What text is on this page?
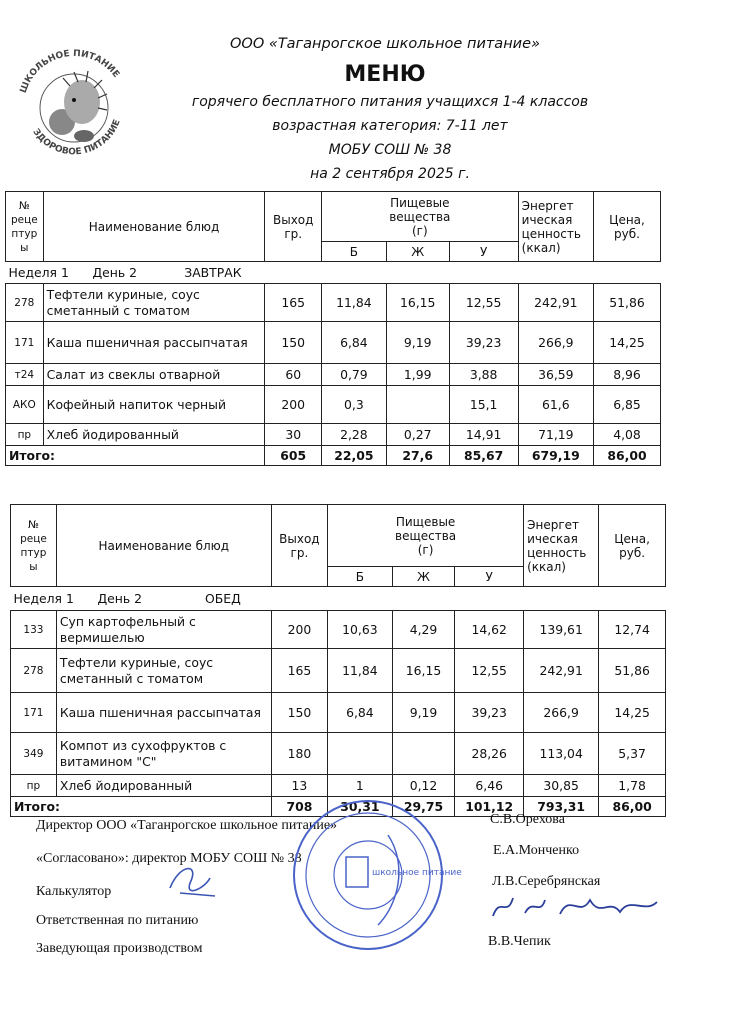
ООО «Таганрогское школьное питание»
МЕНЮ
горячего бесплатного питания учащихся 1-4 классов
возрастная категория: 7-11 лет
МОБУ СОШ № 38
на 2 сентября 2025 г.
ШКОЛЬНОЕ ПИТАНИЕ
ЗДОРОВОЕ ПИТАНИЕ
№
реце
птур
ы	Наименование блюд	Выход
гр.	Пищевые
вещества
(г)			Энергет
ическая
ценность
(ккал)	Цена,
руб.
			Б	Ж	У		
Неделя 1 День 2 ЗАВТРАК							
278	Тефтели куриные, соус сметанный с томатом	165	11,84	16,15	12,55	242,91	51,86
171	Каша пшеничная рассыпчатая	150	6,84	9,19	39,23	266,9	14,25
т24	Салат из свеклы отварной	60	0,79	1,99	3,88	36,59	8,96
АКО	Кофейный напиток черный	200	0,3		15,1	61,6	6,85
пр	Хлеб йодированный	30	2,28	0,27	14,91	71,19	4,08
Итого:		605	22,05	27,6	85,67	679,19	86,00
№
реце
птур
ы	Наименование блюд	Выход
гр.	Пищевые
вещества
(г)			Энергет
ическая
ценность
(ккал)	Цена,
руб.
			Б	Ж	У		
Неделя 1 День 2 ОБЕД							
133	Суп картофельный с вермишелью	200	10,63	4,29	14,62	139,61	12,74
278	Тефтели куриные, соус сметанный с томатом	165	11,84	16,15	12,55	242,91	51,86
171	Каша пшеничная рассыпчатая	150	6,84	9,19	39,23	266,9	14,25
349	Компот из сухофруктов с витамином "С"	180			28,26	113,04	5,37
пр	Хлеб йодированный	13	1	0,12	6,46	30,85	1,78
Итого:		708	30,31	29,75	101,12	793,31	86,00
Директор ООО «Таганрогское школьное питание»	С.В.Орехова
«Согласовано»: директор МОБУ СОШ № 38
Е.А.Монченко
Калькулятор
Л.В.Серебрянская
Ответственная по питанию
Заведующая производством	В.В.Чепик
школьное питание
